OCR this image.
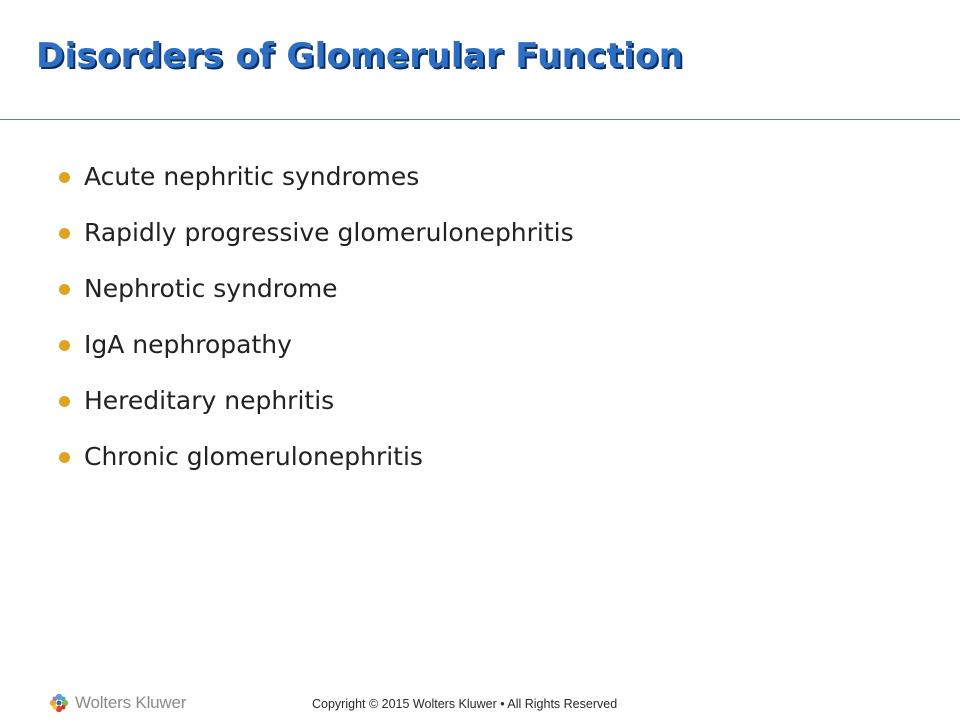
Disorders of Glomerular Function
Acute nephritic syndromes
Rapidly progressive glomerulonephritis
Nephrotic syndrome
IgA nephropathy
Hereditary nephritis
Chronic glomerulonephritis
Wolters Kluwer	Copyright © 2015 Wolters Kluwer • All Rights Reserved
